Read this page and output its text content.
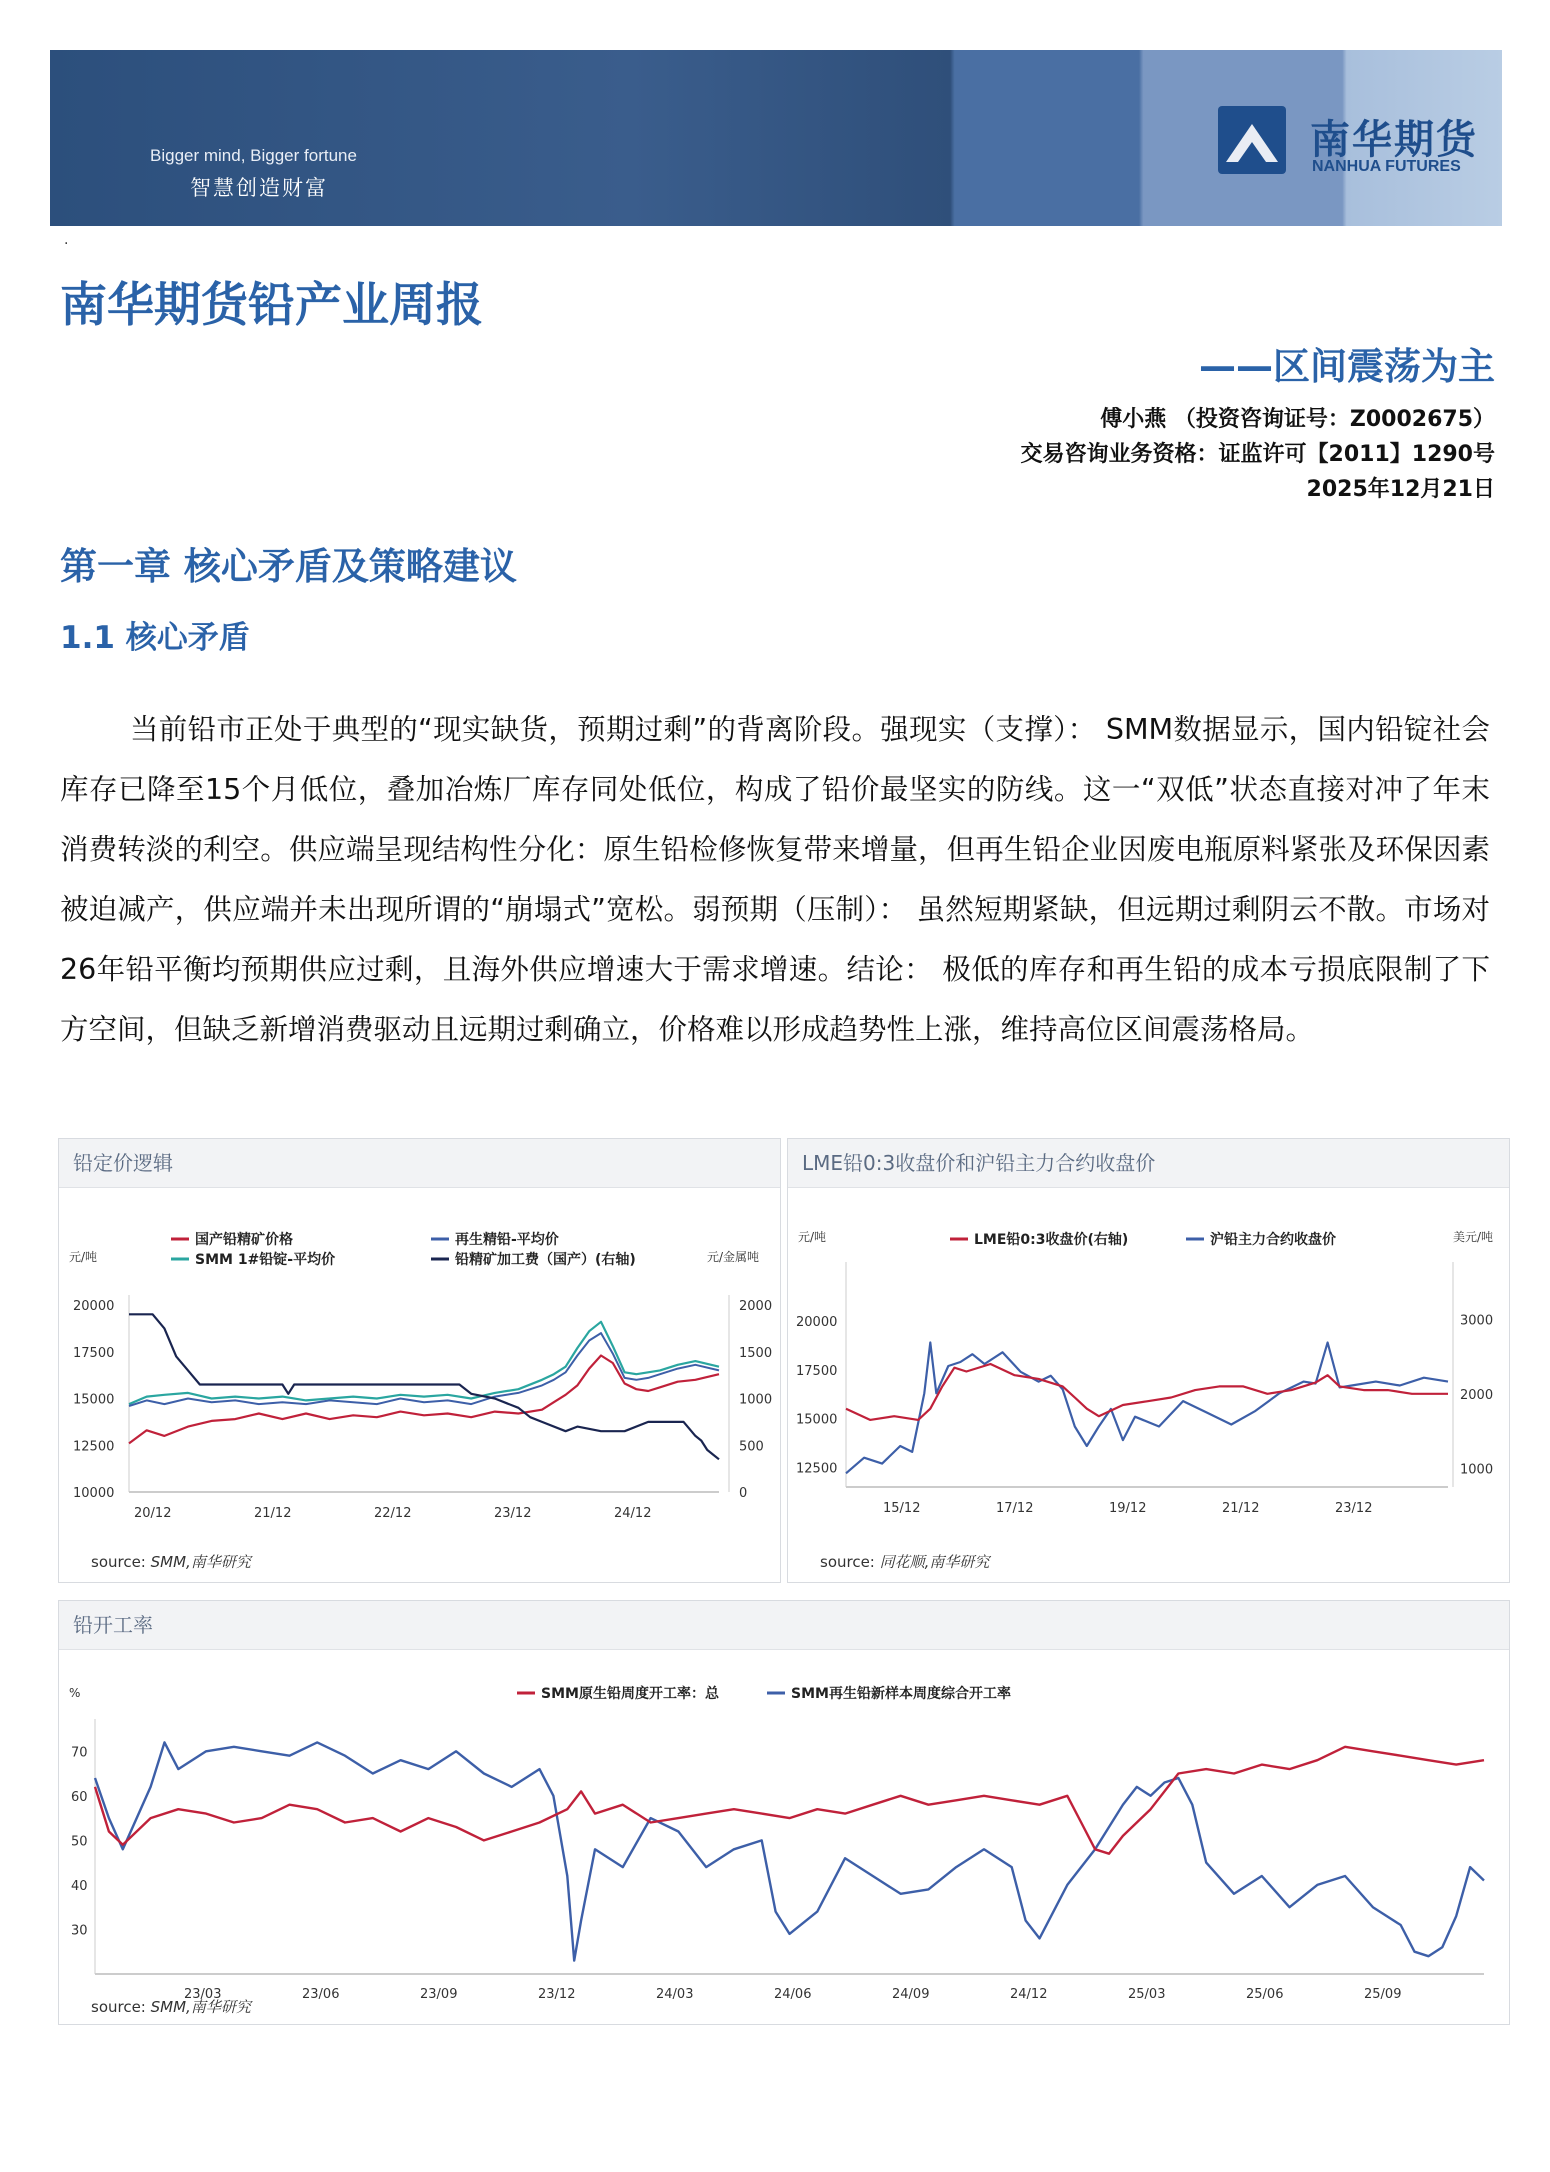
Bigger mind, Bigger fortune
智慧创造财富
南华期货
NANHUA FUTURES
.
南华期货铅产业周报
——区间震荡为主
傅小燕 （投资咨询证号：Z0002675）
交易咨询业务资格：证监许可【2011】1290号
2025年12月21日
第一章 核心矛盾及策略建议
1.1 核心矛盾
当前铅市正处于典型的“现实缺货，预期过剩”的背离阶段。强现实（支撑）： SMM数据显示，国内铅锭社会库存已降至15个月低位，叠加冶炼厂库存同处低位，构成了铅价最坚实的防线。这一“双低”状态直接对冲了年末消费转淡的利空。供应端呈现结构性分化：原生铅检修恢复带来增量，但再生铅企业因废电瓶原料紧张及环保因素被迫减产，供应端并未出现所谓的“崩塌式”宽松。弱预期（压制）： 虽然短期紧缺，但远期过剩阴云不散。市场对26年铅平衡均预期供应过剩，且海外供应增速大于需求增速。结论： 极低的库存和再生铅的成本亏损底限制了下方空间，但缺乏新增消费驱动且远期过剩确立，价格难以形成趋势性上涨，维持高位区间震荡格局。
铅定价逻辑
国产铅精矿价格	再生精铅-平均价
SMM 1#铅锭-平均价	铅精矿加工费（国产）(右轴)
元/吨	元/金属吨
20000
17500
15000
12500
10000
2000
1500
1000
500
0
20/12	21/12	22/12	23/12	24/12
source: SMM,南华研究
LME铅0:3收盘价和沪铅主力合约收盘价
LME铅0:3收盘价(右轴)	沪铅主力合约收盘价
元/吨	美元/吨
20000
17500
15000
12500
3000
2000
1000
15/12	17/12	19/12	21/12	23/12
source: 同花顺,南华研究
铅开工率
SMM原生铅周度开工率：总	SMM再生铅新样本周度综合开工率
%
70
60
50
40
30
23/03	23/06	23/09	23/12	24/03	24/06	24/09	24/12	25/03	25/06	25/09
source: SMM,南华研究
